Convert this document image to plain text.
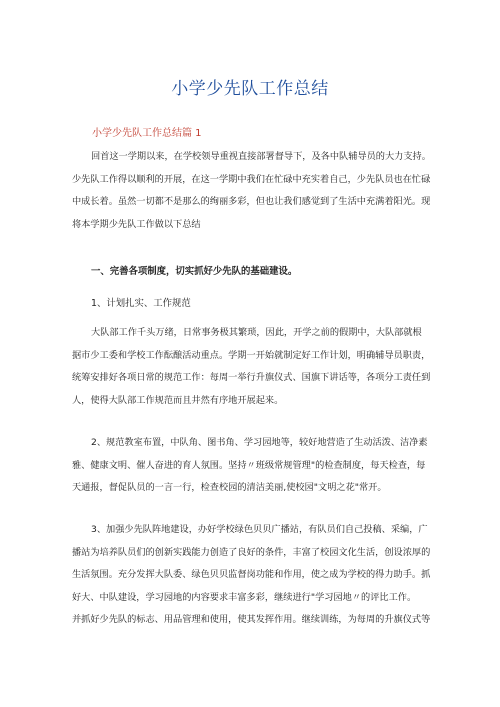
小学少先队工作总结
小学少先队工作总结篇 1
回首这一学期以来，在学校领导重视直接部署督导下，及各中队辅导员的大力支持。
少先队工作得以顺利的开展，在这一学期中我们在忙碌中充实着自己，少先队员也在忙碌
中成长着。虽然一切都不是那么的绚丽多彩，但也让我们感觉到了生活中充满着阳光。现
将本学期少先队工作做以下总结
一、完善各项制度，切实抓好少先队的基础建设。
1、计划扎实、工作规范
大队部工作千头万绪，日常事务极其繁琐，因此，开学之前的假期中，大队部就根
据市少工委和学校工作酝酿活动重点。学期一开始就制定好工作计划，明确辅导员职责，
统筹安排好各项日常的规范工作：每周一举行升旗仪式、国旗下讲话等，各项分工责任到
人，使得大队部工作规范而且井然有序地开展起来。
2、规范教室布置，中队角、图书角、学习园地等，较好地营造了生动活泼、洁净素
雅、健康文明、催人奋进的育人氛围。坚持〃班级常规管理"的检查制度，每天检查，每
天通报，督促队员的一言一行，检查校园的清洁美丽,使校园"文明之花"常开。
3、加强少先队阵地建设，办好学校绿色贝贝广播站，有队员们自己投稿、采编，广
播站为培养队员们的创新实践能力创造了良好的条件，丰富了校园文化生活，创设浓厚的
生活氛围。充分发挥大队委、绿色贝贝监督岗功能和作用，使之成为学校的得力助手。抓
好大、中队建设，学习园地的内容要求丰富多彩，继续进行"学习园地〃的评比工作。
并抓好少先队的标志、用品管理和使用，使其发挥作用。继续训练，为每周的升旗仪式等
